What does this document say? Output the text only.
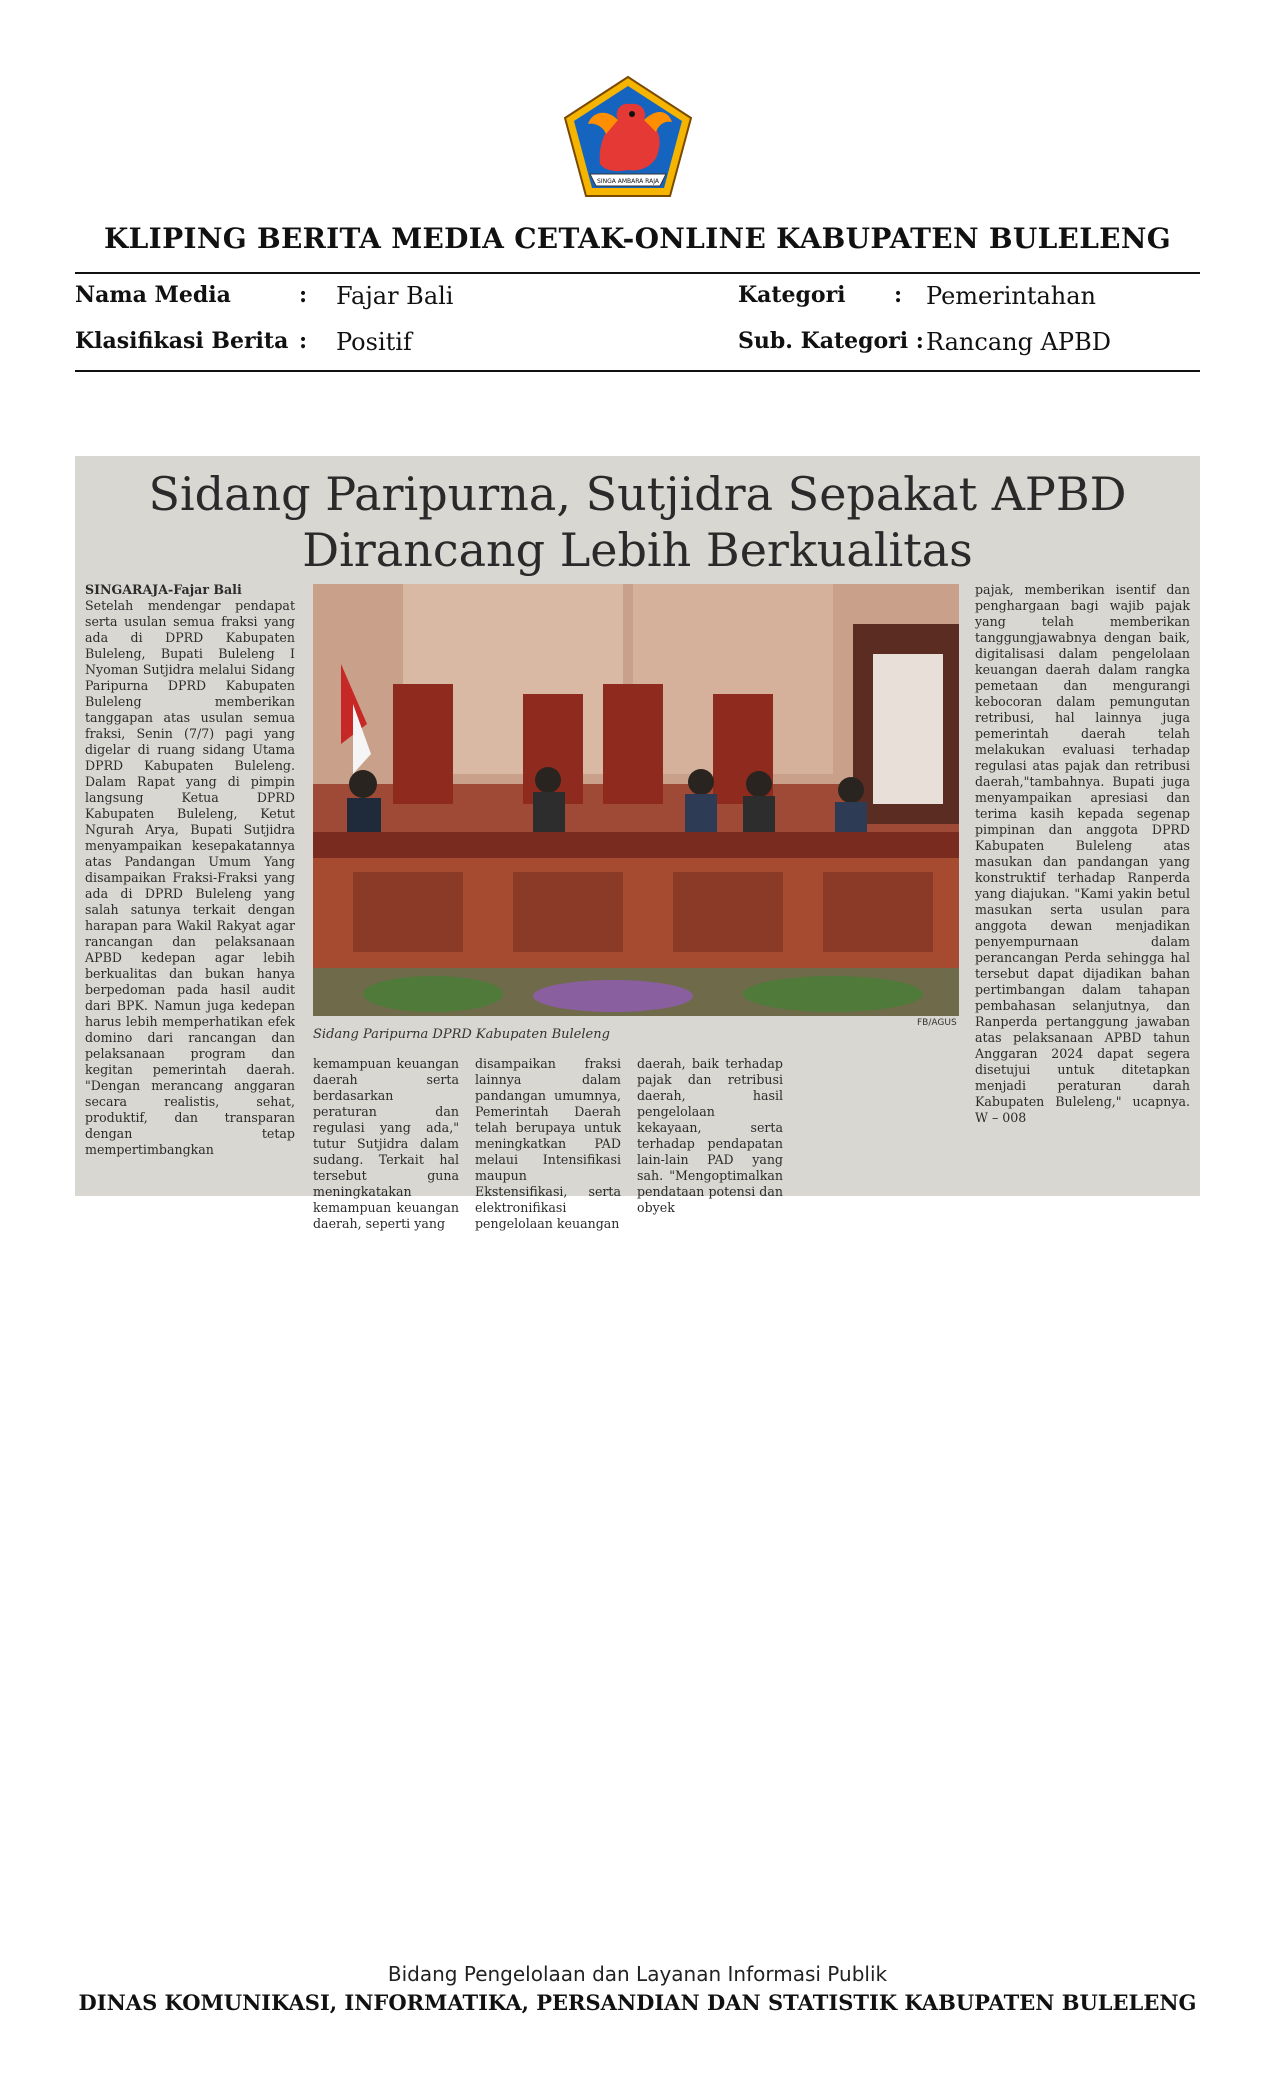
SINGA AMBARA RAJA
KLIPING BERITA MEDIA CETAK-ONLINE KABUPATEN BULELENG
Nama Media	: Fajar Bali	Kategori : Pemerintahan
Klasifikasi Berita : Positif	Sub. Kategori : Rancang APBD

Sidang Paripurna, Sutjidra Sepakat APBD
Dirancang Lebih Berkualitas
SINGARAJA-Fajar Bali
Setelah mendengar pendapat serta usulan semua fraksi yang ada di DPRD Kabupaten Buleleng, Bupati Buleleng I Nyoman Sutjidra melalui Sidang Paripurna DPRD Kabupaten Buleleng memberikan tanggapan atas usulan semua fraksi, Senin (7/7) pagi yang digelar di ruang sidang Utama DPRD Kabupaten Buleleng. Dalam Rapat yang di pimpin langsung Ketua DPRD Kabupaten Buleleng, Ketut Ngurah Arya, Bupati Sutjidra menyampaikan kesepakatannya atas Pandangan Umum Yang disampaikan Fraksi-Fraksi yang ada di DPRD Buleleng yang salah satunya terkait dengan harapan para Wakil Rakyat agar rancangan dan pelaksanaan APBD kedepan agar lebih berkualitas dan bukan hanya berpedoman pada hasil audit dari BPK. Namun juga kedepan harus lebih memperhatikan efek domino dari rancangan dan pelaksanaan program dan kegitan pemerintah daerah. "Dengan merancang anggaran secara realistis, sehat, produktif, dan transparan dengan tetap mempertimbangkan
FB/AGUS
Sidang Paripurna DPRD Kabupaten Buleleng
kemampuan keuangan daerah serta berdasarkan peraturan dan regulasi yang ada," tutur Sutjidra dalam sudang. Terkait hal tersebut guna meningkatakan kemampuan keuangan daerah, seperti yang
disampaikan fraksi lainnya dalam pandangan umumnya, Pemerintah Daerah telah berupaya untuk meningkatkan PAD melaui Intensifikasi maupun Ekstensifikasi, serta elektronifikasi pengelolaan keuangan
daerah, baik terhadap pajak dan retribusi daerah, hasil pengelolaan kekayaan, serta terhadap pendapatan lain-lain PAD yang sah. "Mengoptimalkan pendataan potensi dan obyek
pajak, memberikan isentif dan penghargaan bagi wajib pajak yang telah memberikan tanggungjawabnya dengan baik, digitalisasi dalam pengelolaan keuangan daerah dalam rangka pemetaan dan mengurangi kebocoran dalam pemungutan retribusi, hal lainnya juga pemerintah daerah telah melakukan evaluasi terhadap regulasi atas pajak dan retribusi daerah,"tambahnya. Bupati juga menyampaikan apresiasi dan terima kasih kepada segenap pimpinan dan anggota DPRD Kabupaten Buleleng atas masukan dan pandangan yang konstruktif terhadap Ranperda yang diajukan. "Kami yakin betul masukan serta usulan para anggota dewan menjadikan penyempurnaan dalam perancangan Perda sehingga hal tersebut dapat dijadikan bahan pertimbangan dalam tahapan pembahasan selanjutnya, dan Ranperda pertanggung jawaban atas pelaksanaan APBD tahun Anggaran 2024 dapat segera disetujui untuk ditetapkan menjadi peraturan darah Kabupaten Buleleng," ucapnya. W – 008
Bidang Pengelolaan dan Layanan Informasi Publik
DINAS KOMUNIKASI, INFORMATIKA, PERSANDIAN DAN STATISTIK KABUPATEN BULELENG
